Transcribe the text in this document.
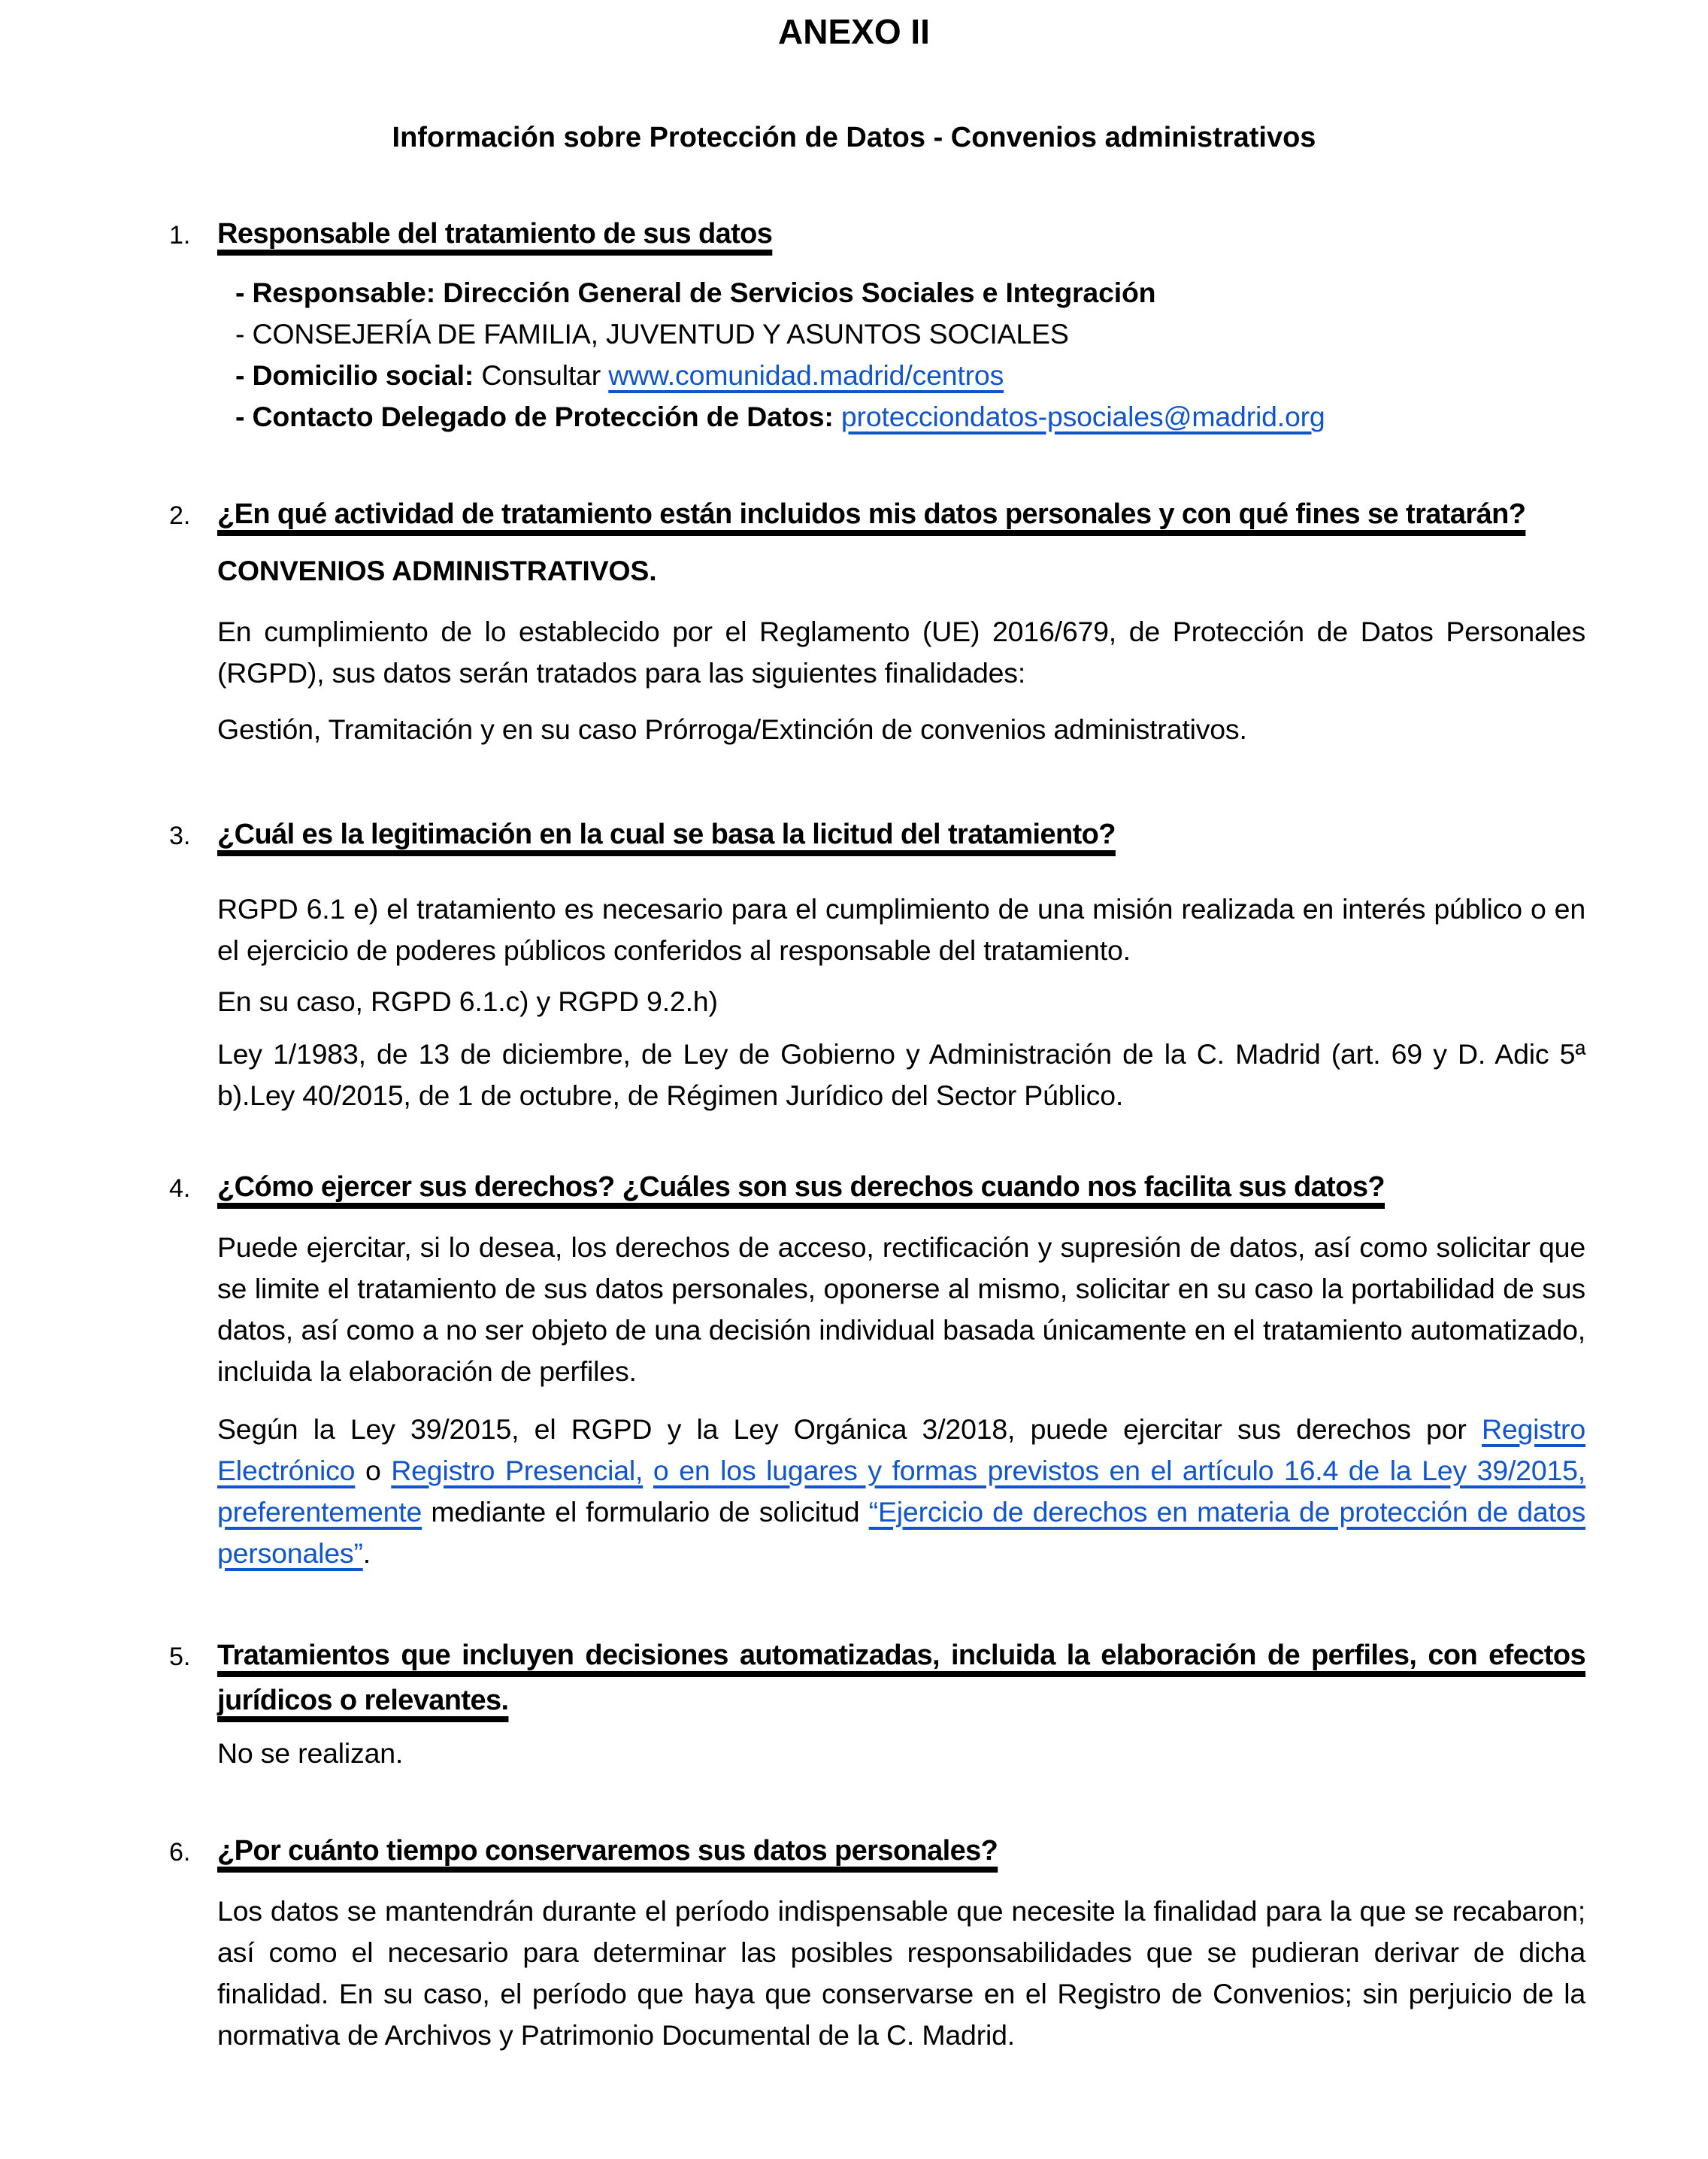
ANEXO II
Información sobre Protección de Datos - Convenios administrativos
1. Responsable del tratamiento de sus datos

- Responsable: Dirección General de Servicios Sociales e Integración

- CONSEJERÍA DE FAMILIA, JUVENTUD Y ASUNTOS SOCIALES

- Domicilio social: Consultar www.comunidad.madrid/centros

- Contacto Delegado de Protección de Datos: protecciondatos-psociales@madrid.org

2. ¿En qué actividad de tratamiento están incluidos mis datos personales y con qué fines se tratarán?

CONVENIOS ADMINISTRATIVOS.

En cumplimiento de lo establecido por el Reglamento (UE) 2016/679, de Protección de Datos Personales (RGPD), sus datos serán tratados para las siguientes finalidades:

Gestión, Tramitación y en su caso Prórroga/Extinción de convenios administrativos.

3. ¿Cuál es la legitimación en la cual se basa la licitud del tratamiento?

RGPD 6.1 e) el tratamiento es necesario para el cumplimiento de una misión realizada en interés público o en el ejercicio de poderes públicos conferidos al responsable del tratamiento.

En su caso, RGPD 6.1.c) y RGPD 9.2.h)

Ley 1/1983, de 13 de diciembre, de Ley de Gobierno y Administración de la C. Madrid (art. 69 y D. Adic 5ª b).Ley 40/2015, de 1 de octubre, de Régimen Jurídico del Sector Público.

4. ¿Cómo ejercer sus derechos? ¿Cuáles son sus derechos cuando nos facilita sus datos?

Puede ejercitar, si lo desea, los derechos de acceso, rectificación y supresión de datos, así como solicitar que se limite el tratamiento de sus datos personales, oponerse al mismo, solicitar en su caso la portabilidad de sus datos, así como a no ser objeto de una decisión individual basada únicamente en el tratamiento automatizado, incluida la elaboración de perfiles.

Según la Ley 39/2015, el RGPD y la Ley Orgánica 3/2018, puede ejercitar sus derechos por Registro Electrónico o Registro Presencial, o en los lugares y formas previstos en el artículo 16.4 de la Ley 39/2015, preferentemente mediante el formulario de solicitud “Ejercicio de derechos en materia de protección de datos personales”.

5. Tratamientos que incluyen decisiones automatizadas, incluida la elaboración de perfiles, con efectos jurídicos o relevantes.

No se realizan.

6. ¿Por cuánto tiempo conservaremos sus datos personales?

Los datos se mantendrán durante el período indispensable que necesite la finalidad para la que se recabaron; así como el necesario para determinar las posibles responsabilidades que se pudieran derivar de dicha finalidad. En su caso, el período que haya que conservarse en el Registro de Convenios; sin perjuicio de la normativa de Archivos y Patrimonio Documental de la C. Madrid.
